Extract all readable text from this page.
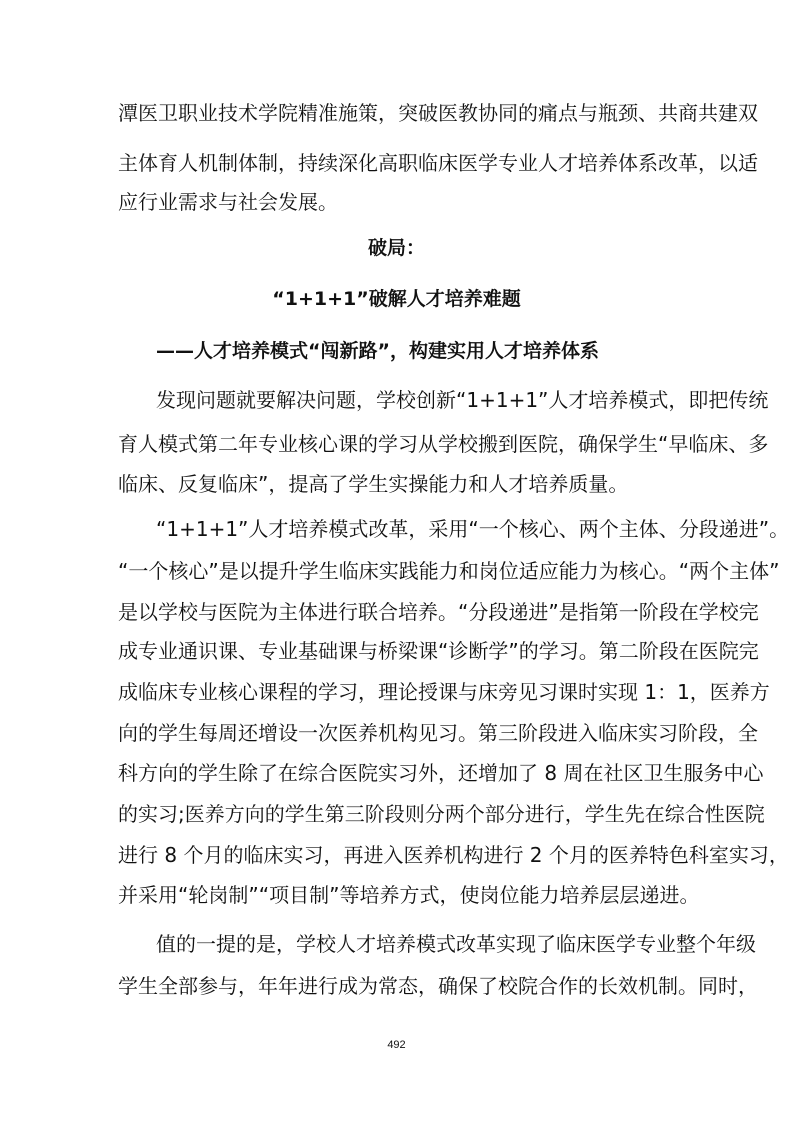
潭医卫职业技术学院精准施策，突破医教协同的痛点与瓶颈、共商共建双
主体育人机制体制，持续深化高职临床医学专业人才培养体系改革，以适
应行业需求与社会发展。
破局：
“1+1+1”破解人才培养难题
——人才培养模式“闯新路”，构建实用人才培养体系
发现问题就要解决问题，学校创新“1+1+1”人才培养模式，即把传统
育人模式第二年专业核心课的学习从学校搬到医院，确保学生“早临床、多
临床、反复临床”，提高了学生实操能力和人才培养质量。
“1+1+1”人才培养模式改革，采用“一个核心、两个主体、分段递进”。
“一个核心”是以提升学生临床实践能力和岗位适应能力为核心。“两个主体”
是以学校与医院为主体进行联合培养。“分段递进”是指第一阶段在学校完
成专业通识课、专业基础课与桥梁课“诊断学”的学习。第二阶段在医院完
成临床专业核心课程的学习，理论授课与床旁见习课时实现 1：1，医养方
向的学生每周还增设一次医养机构见习。第三阶段进入临床实习阶段，全
科方向的学生除了在综合医院实习外，还增加了 8 周在社区卫生服务中心
的实习;医养方向的学生第三阶段则分两个部分进行，学生先在综合性医院
进行 8 个月的临床实习，再进入医养机构进行 2 个月的医养特色科室实习，
并采用“轮岗制”“项目制”等培养方式，使岗位能力培养层层递进。
值的一提的是，学校人才培养模式改革实现了临床医学专业整个年级
学生全部参与，年年进行成为常态，确保了校院合作的长效机制。同时，
492
